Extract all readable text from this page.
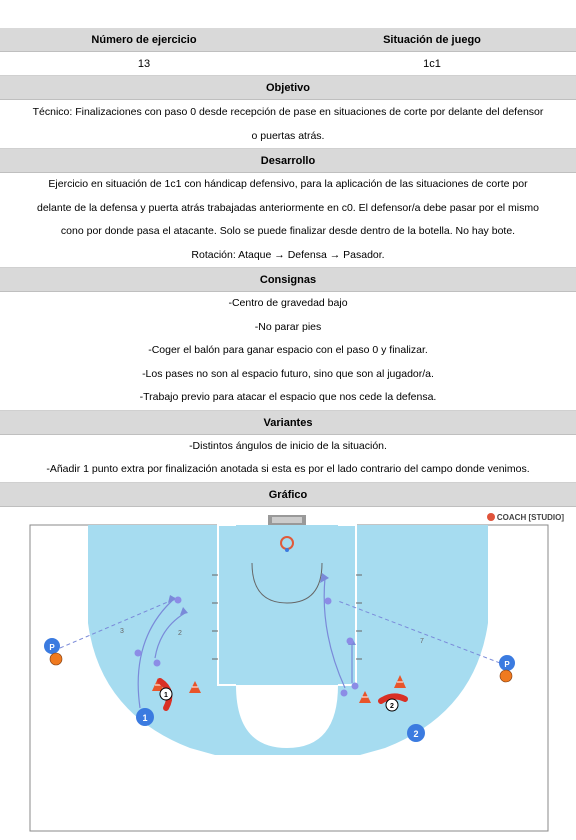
Número de ejercicio	Situación de juego
13	1c1
Objetivo
Técnico: Finalizaciones con paso 0 desde recepción de pase en situaciones de corte por delante del defensor
o puertas atrás.
Desarrollo
Ejercicio en situación de 1c1 con hándicap defensivo, para la aplicación de las situaciones de corte por
delante de la defensa y puerta atrás trabajadas anteriormente en c0. El defensor/a debe pasar por el mismo
cono por donde pasa el atacante. Solo se puede finalizar desde dentro de la botella. No hay bote.
Rotación: Ataque → Defensa → Pasador.
Consignas
-Centro de gravedad bajo
-No parar pies
-Coger el balón para ganar espacio con el paso 0 y finalizar.
-Los pases no son al espacio futuro, sino que son al jugador/a.
-Trabajo previo para atacar el espacio que nos cede la defensa.
Variantes
-Distintos ángulos de inicio de la situación.
-Añadir 1 punto extra por finalización anotada si esta es por el lado contrario del campo donde venimos.
Gráfico
COACH [STUDIO]
3	2
7
1
2
1
2
P
P
